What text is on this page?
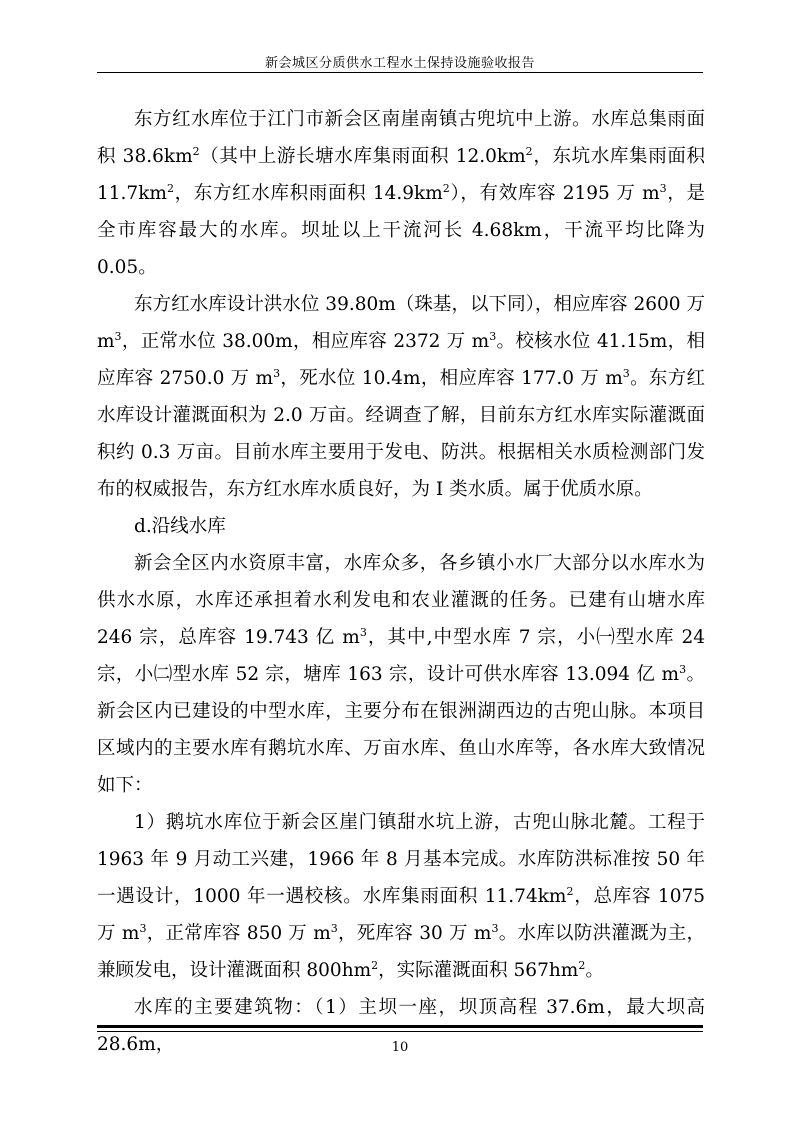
新会城区分质供水工程水土保持设施验收报告

东方红水库位于江门市新会区南崖南镇古兜坑中上游。水库总集雨面积 $38.6km^2$（其中上游长塘水库集雨面积 $12.0km^2$，东坑水库集雨面积 $11.7km^2$，东方红水库积雨面积 $14.9km^2$），有效库容 2195 万 $m^3$，是全市库容最大的水库。坝址以上干流河长 4.68km，干流平均比降为 0.05。

东方红水库设计洪水位 39.80m（珠基，以下同），相应库容 2600 万 $m^3$，正常水位 38.00m，相应库容 2372 万 $m^3$。校核水位 41.15m，相应库容 2750.0 万 $m^3$，死水位 10.4m，相应库容 177.0 万 $m^3$。东方红水库设计灌溉面积为 2.0 万亩。经调查了解，目前东方红水库实际灌溉面积约 0.3 万亩。目前水库主要用于发电、防洪。根据相关水质检测部门发布的权威报告，东方红水库水质良好，为 I 类水质。属于优质水原。

d.沿线水库

新会全区内水资原丰富，水库众多，各乡镇小水厂大部分以水库水为供水水原，水库还承担着水利发电和农业灌溉的任务。已建有山塘水库 246 宗，总库容 19.743 亿 $m^3$，其中,中型水库 7 宗，小㈠型水库 24 宗，小㈡型水库 52 宗，塘库 163 宗，设计可供水库容 13.094 亿 $m^3$。新会区内已建设的中型水库，主要分布在银洲湖西边的古兜山脉。本项目区域内的主要水库有鹅坑水库、万亩水库、鱼山水库等，各水库大致情况如下：

1）鹅坑水库位于新会区崖门镇甜水坑上游，古兜山脉北麓。工程于 1963 年 9 月动工兴建，1966 年 8 月基本完成。水库防洪标准按 50 年一遇设计，1000 年一遇校核。水库集雨面积 $11.74km^2$，总库容 1075 万 $m^3$，正常库容 850 万 $m^3$，死库容 30 万 $m^3$。水库以防洪灌溉为主，兼顾发电，设计灌溉面积 $800hm^2$，实际灌溉面积 $567hm^2$。

水库的主要建筑物：（1）主坝一座，坝顶高程 37.6m，最大坝高 28.6m，	10
